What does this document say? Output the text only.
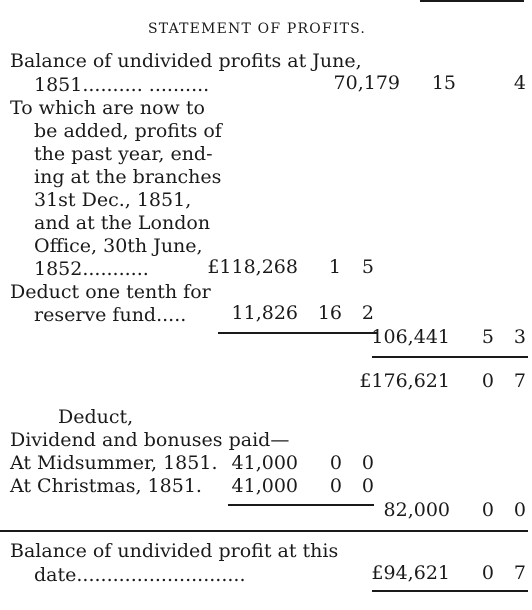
STATEMENT OF PROFITS.
Balance of undivided profits at June,
1851.......... ..........	70,179 15	4
To which are now to
be added, profits of
the past year, end-
ing at the branches
31st Dec., 1851,
and at the London
Office, 30th June,
1852...........	£118,268 1 5
Deduct one tenth for
reserve fund..... 11,826 16 2
106,441 5 3
£176,621 0 7
Deduct,
Dividend and bonuses paid—
At Midsummer, 1851. 41,000 0 0
At Christmas, 1851. 41,000 0 0
82,000 0 0
Balance of undivided profit at this
date............................	£94,621 0 7
